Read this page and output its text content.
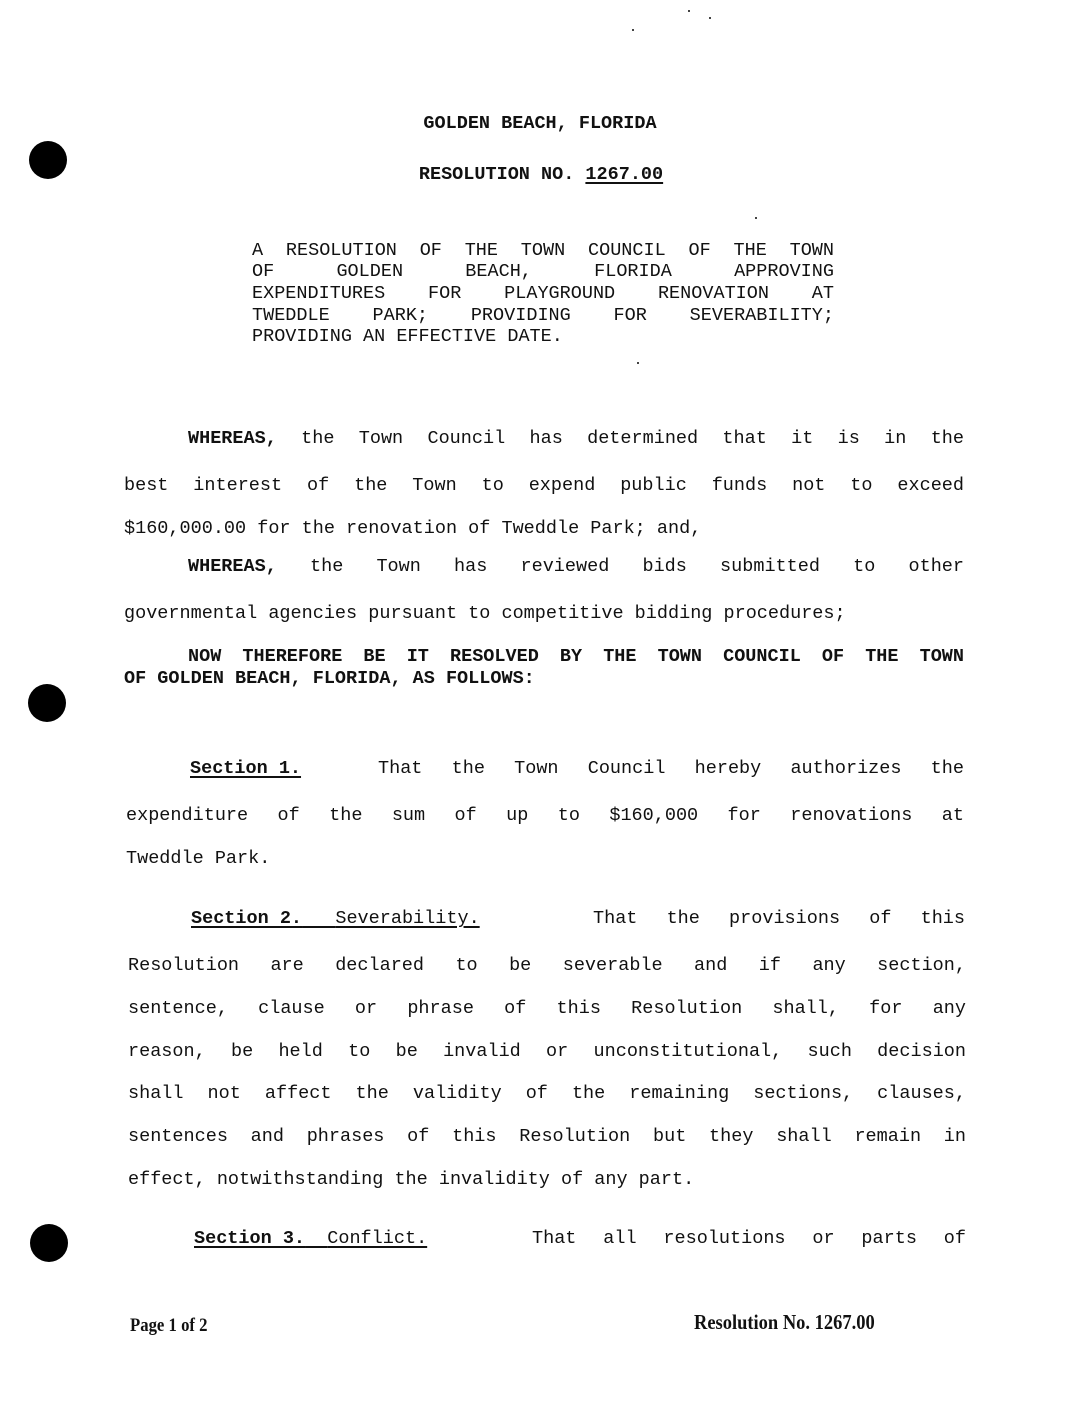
GOLDEN BEACH, FLORIDA
RESOLUTION NO. 1267.00
A RESOLUTION OF THE TOWN COUNCIL OF THE TOWN
OF GOLDEN BEACH, FLORIDA APPROVING
EXPENDITURES FOR PLAYGROUND RENOVATION AT
TWEDDLE PARK; PROVIDING FOR SEVERABILITY;
PROVIDING AN EFFECTIVE DATE.
WHEREAS, the Town Council has determined that it is in the
best interest of the Town to expend public funds not to exceed
$160,000.00 for the renovation of Tweddle Park; and,
WHEREAS, the Town has reviewed bids submitted to other
governmental agencies pursuant to competitive bidding procedures;
NOW THEREFORE BE IT RESOLVED BY THE TOWN COUNCIL OF THE TOWN
OF GOLDEN BEACH, FLORIDA, AS FOLLOWS:
Section 1.	That the Town Council hereby authorizes the
expenditure of the sum of up to $160,000 for renovations at
Tweddle Park.
Section 2. Severability.	That the provisions of this
Resolution are declared to be severable and if any section,
sentence, clause or phrase of this Resolution shall, for any
reason, be held to be invalid or unconstitutional, such decision
shall not affect the validity of the remaining sections, clauses,
sentences and phrases of this Resolution but they shall remain in
effect, notwithstanding the invalidity of any part.
Section 3. Conflict.	That all resolutions or parts of
Page 1 of 2	Resolution No. 1267.00
